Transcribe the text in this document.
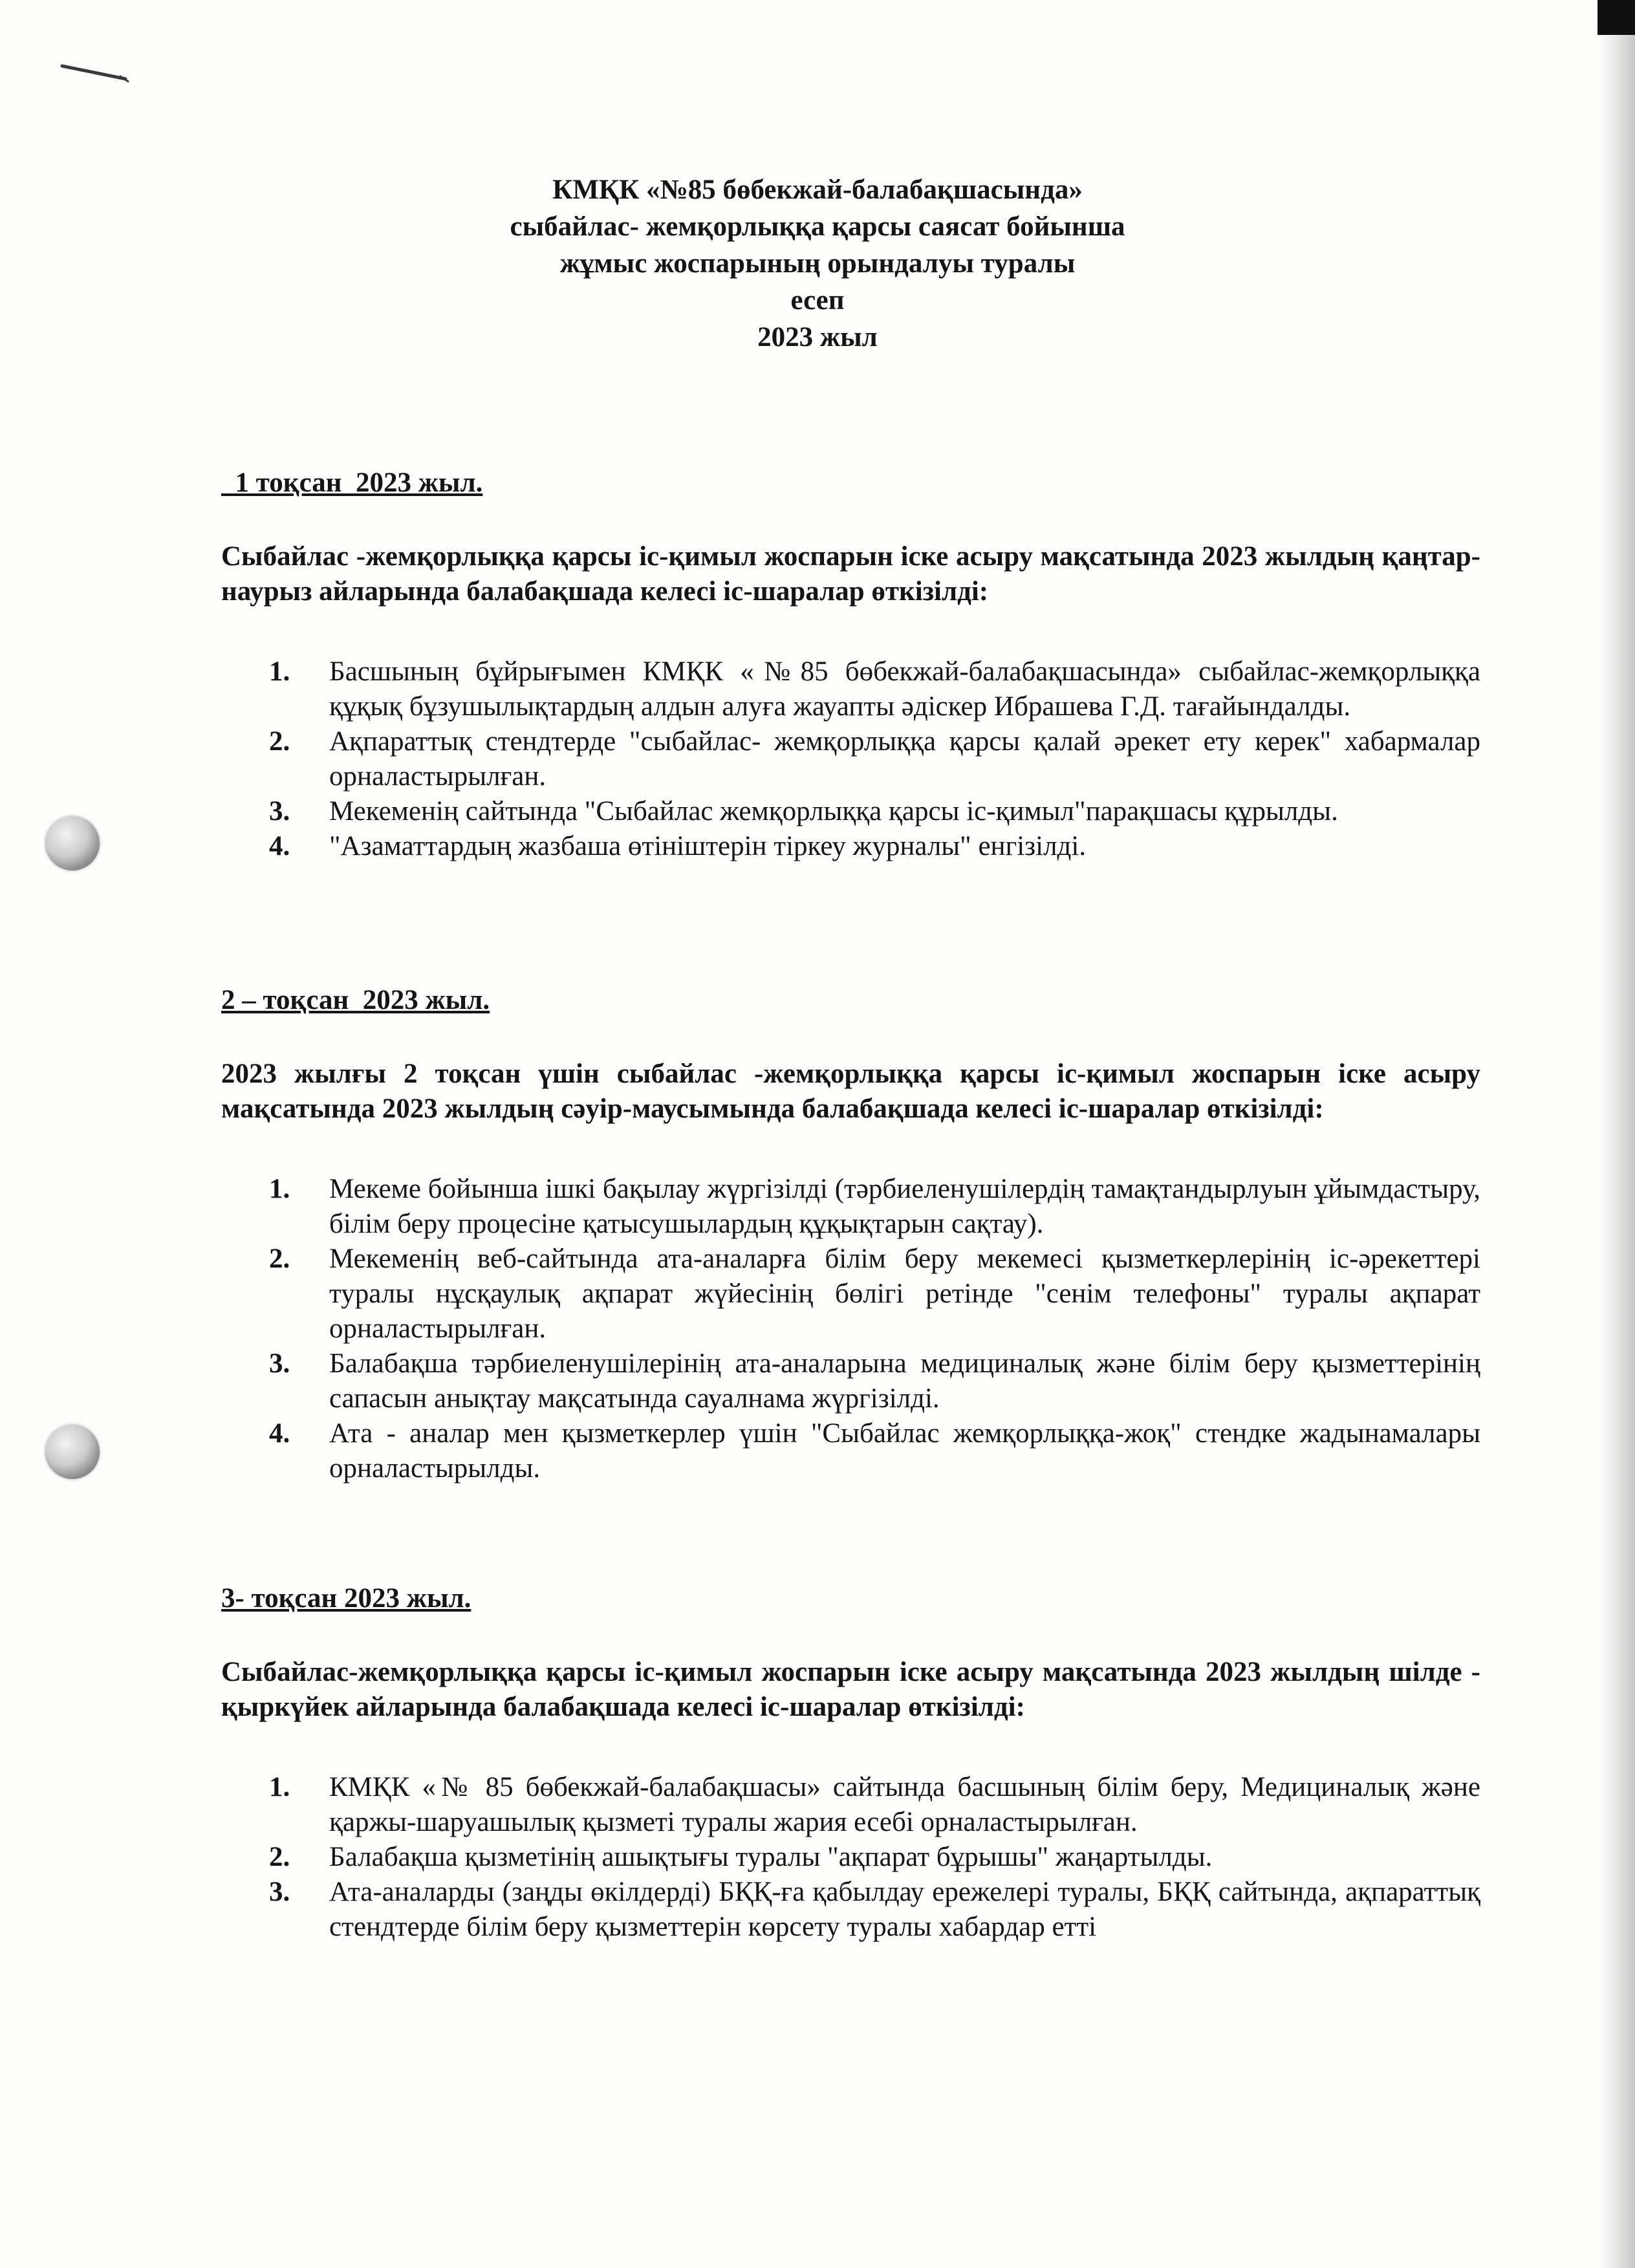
КМҚК «№85 бөбекжай-балабақшасында»
сыбайлас- жемқорлыққа қарсы саясат бойынша
жұмыс жоспарының орындалуы туралы
есеп
2023 жыл
1 тоқсан  2023 жыл.
Сыбайлас -жемқорлыққа қарсы іс-қимыл жоспарын іске асыру мақсатында 2023 жылдың қаңтар-наурыз айларында балабақшада келесі іс-шаралар өткізілді:
1. Басшының бұйрығымен КМҚК «№85 бөбекжай-балабақшасында» сыбайлас-жемқорлыққа құқық бұзушылықтардың алдын алуға жауапты әдіскер Ибрашева Г.Д. тағайындалды.
2. Ақпараттық стендтерде "сыбайлас- жемқорлыққа қарсы қалай әрекет ету керек" хабармалар орналастырылған.
3. Мекеменің сайтында "Сыбайлас жемқорлыққа қарсы іс-қимыл"парақшасы құрылды.
4. "Азаматтардың жазбаша өтініштерін тіркеу журналы" енгізілді.
2 – тоқсан  2023 жыл.
2023 жылғы 2 тоқсан үшін сыбайлас -жемқорлыққа қарсы іс-қимыл жоспарын іске асыру мақсатында 2023 жылдың сәуір-маусымында балабақшада келесі іс-шаралар өткізілді:
1. Мекеме бойынша ішкі бақылау жүргізілді (тәрбиеленушілердің тамақтандырлуын ұйымдастыру, білім беру процесіне қатысушылардың құқықтарын сақтау).
2. Мекеменің веб-сайтында ата-аналарға білім беру мекемесі қызметкерлерінің іс-әрекеттері туралы нұсқаулық ақпарат жүйесінің бөлігі ретінде "сенім телефоны" туралы ақпарат орналастырылған.
3. Балабақша тәрбиеленушілерінің ата-аналарына медициналық және білім беру қызметтерінің сапасын анықтау мақсатында сауалнама жүргізілді.
4. Ата - аналар мен қызметкерлер үшін "Сыбайлас жемқорлыққа-жоқ" стендке жадынамалары орналастырылды.
3- тоқсан 2023 жыл.
Сыбайлас-жемқорлыққа қарсы іс-қимыл жоспарын іске асыру мақсатында 2023 жылдың шілде - қыркүйек айларында балабақшада келесі іс-шаралар өткізілді:
1. КМҚК «№ 85 бөбекжай-балабақшасы» сайтында басшының білім беру, Медициналық және қаржы-шаруашылық қызметі туралы жария есебі орналастырылған.
2. Балабақша қызметінің ашықтығы туралы "ақпарат бұрышы" жаңартылды.
3. Ата-аналарды (заңды өкілдерді) БҚҚ-ға қабылдау ережелері туралы, БҚҚ сайтында, ақпараттық стендтерде білім беру қызметтерін көрсету туралы хабардар етті
